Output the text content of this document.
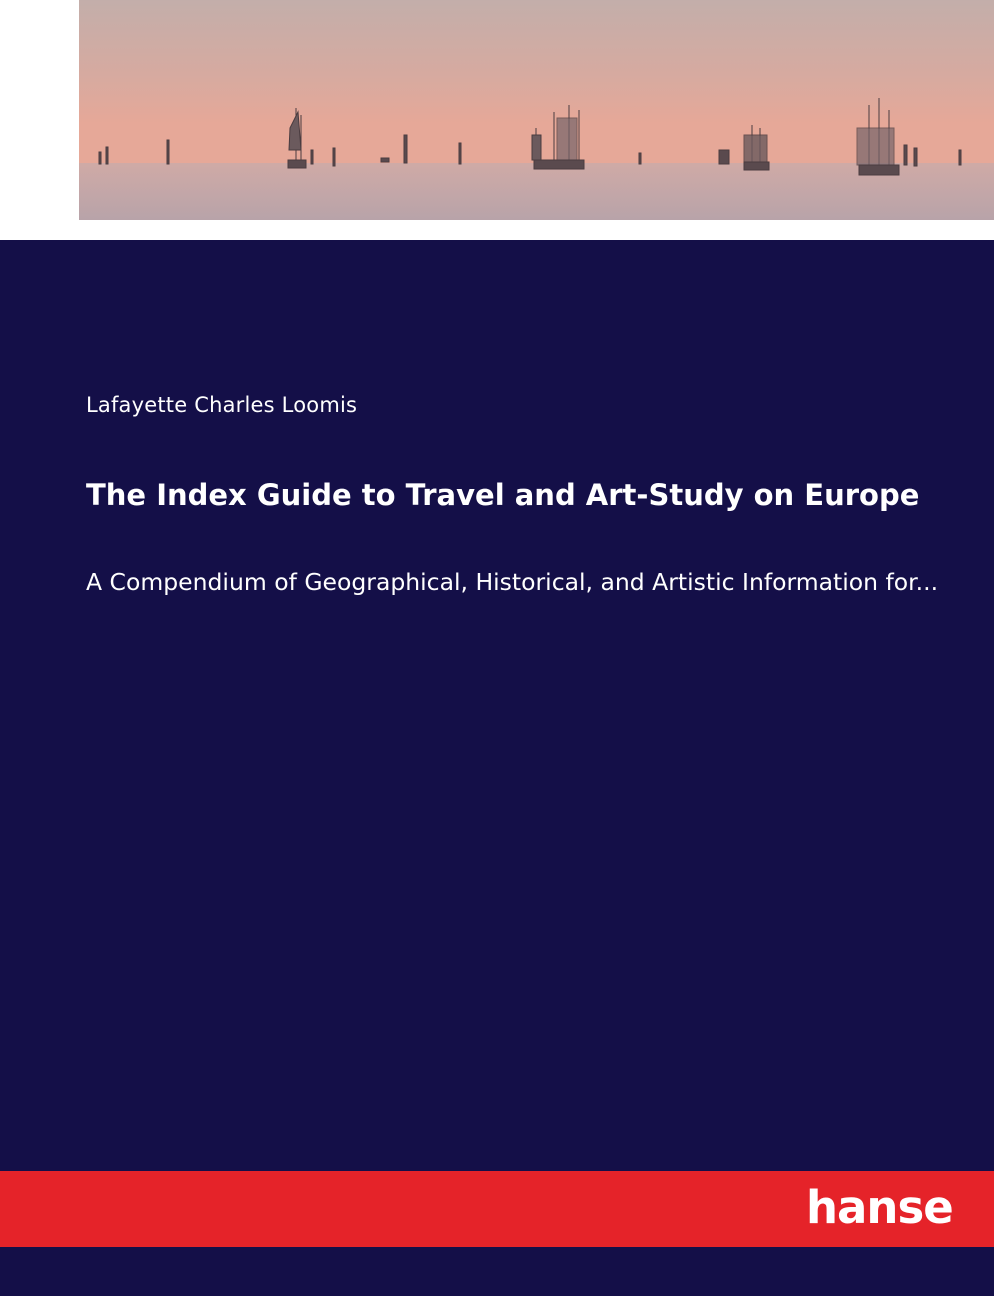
Lafayette Charles Loomis
The Index Guide to Travel and Art-Study on Europe
A Compendium of Geographical, Historical, and Artistic Information for...
hanse
